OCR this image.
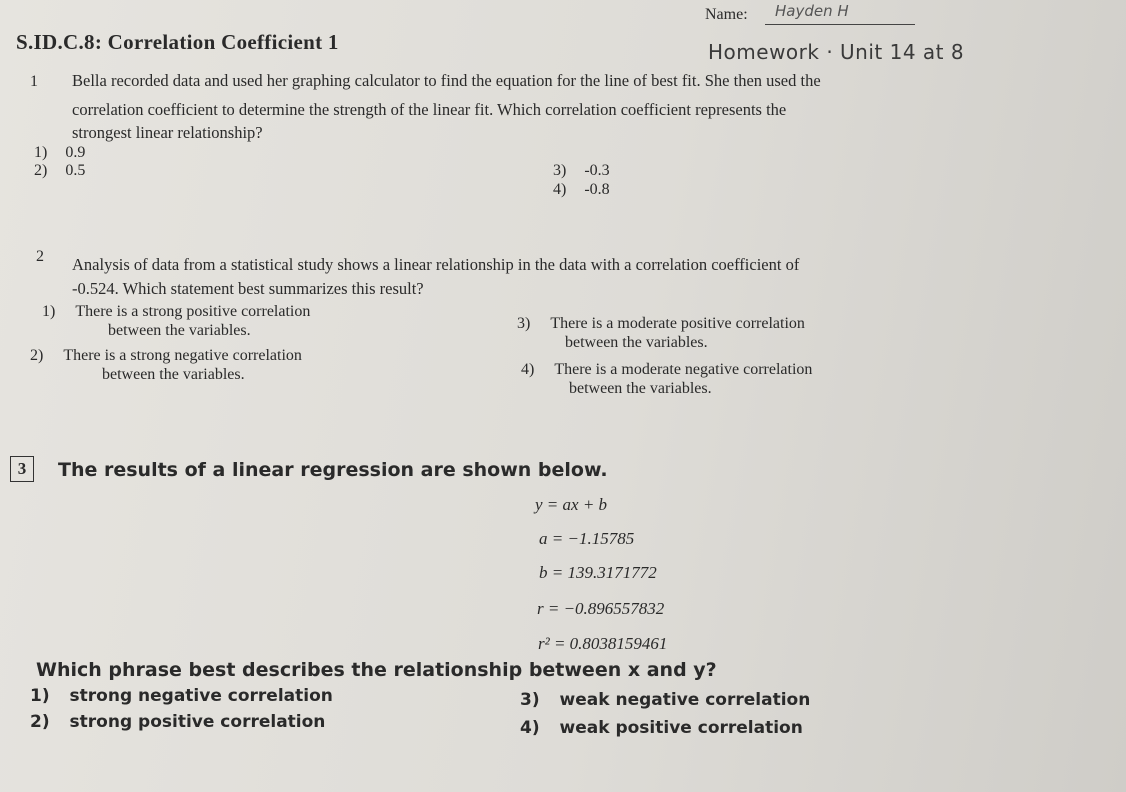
S.ID.C.8: Correlation Coefficient 1
Name: Hayden H
Homework · Unit 14 at 8
1 Bella recorded data and used her graphing calculator to find the equation for the line of best fit. She then used the
correlation coefficient to determine the strength of the linear fit. Which correlation coefficient represents the
strongest linear relationship?
1) 0.9
2) 0.5	3) -0.3
4) -0.8
2 Analysis of data from a statistical study shows a linear relationship in the data with a correlation coefficient of
-0.524. Which statement best summarizes this result?
1) There is a strong positive correlation
between the variables.
2) There is a strong negative correlation
between the variables.
3) There is a moderate positive correlation
between the variables.
4) There is a moderate negative correlation
between the variables.
3	The results of a linear regression are shown below.
y = ax + b
a = −1.15785
b = 139.3171772
r = −0.896557832
r² = 0.8038159461
Which phrase best describes the relationship between x and y?
1) strong negative correlation
2) strong positive correlation
3) weak negative correlation
4) weak positive correlation
